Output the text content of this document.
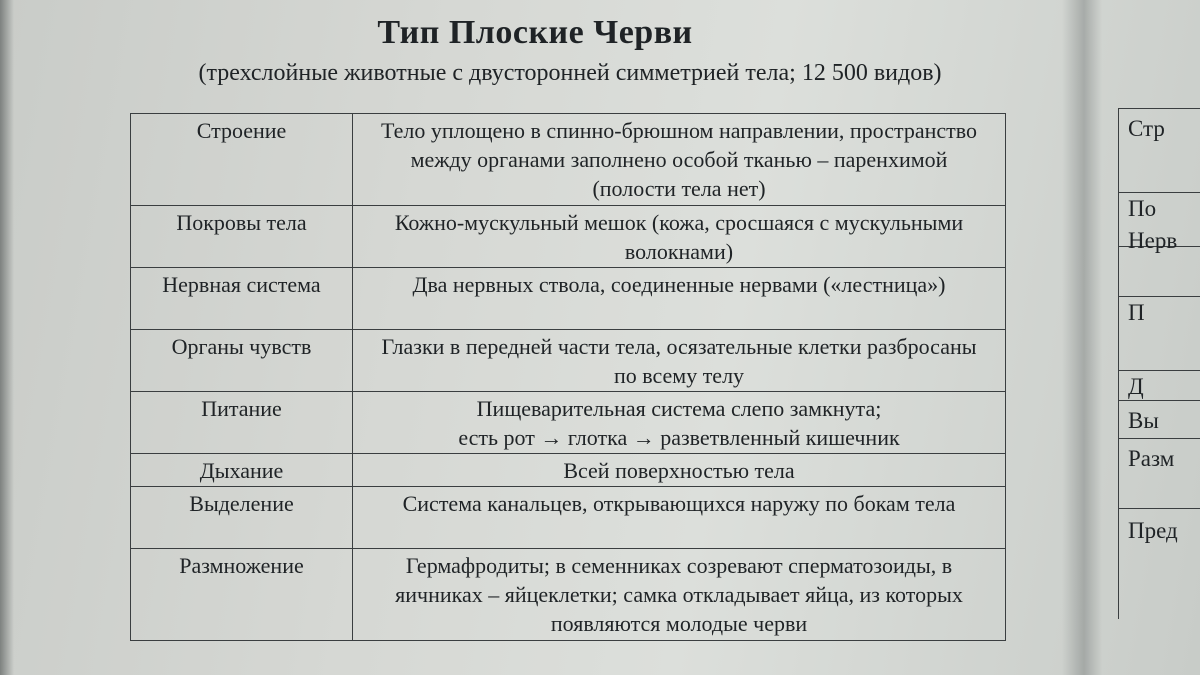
Тип Плоские Черви
(трехслойные животные с двусторонней симметрией тела; 12 500 видов)
Строение	Тело уплощено в спинно-брюшном направлении, пространство между органами заполнено особой тканью – паренхимой (полости тела нет)
Покровы тела	Кожно-мускульный мешок (кожа, сросшаяся с мускульными волокнами)
Нервная система	Два нервных ствола, соединенные нервами («лестница»)
Органы чувств	Глазки в передней части тела, осязательные клетки разбросаны по всему телу
Питание	Пищеварительная система слепо замкнута;
есть рот → глотка → разветвленный кишечник

Дыхание	Всей поверхностью тела
Выделение	Система канальцев, открывающихся наружу по бокам тела
Размножение	Гермафродиты; в семенниках созревают сперматозоиды, в яичниках – яйцеклетки; самка откладывает яйца, из которых появляются молодые черви
Стр
По
Нерв
П
Д
Вы
Разм
Пред
